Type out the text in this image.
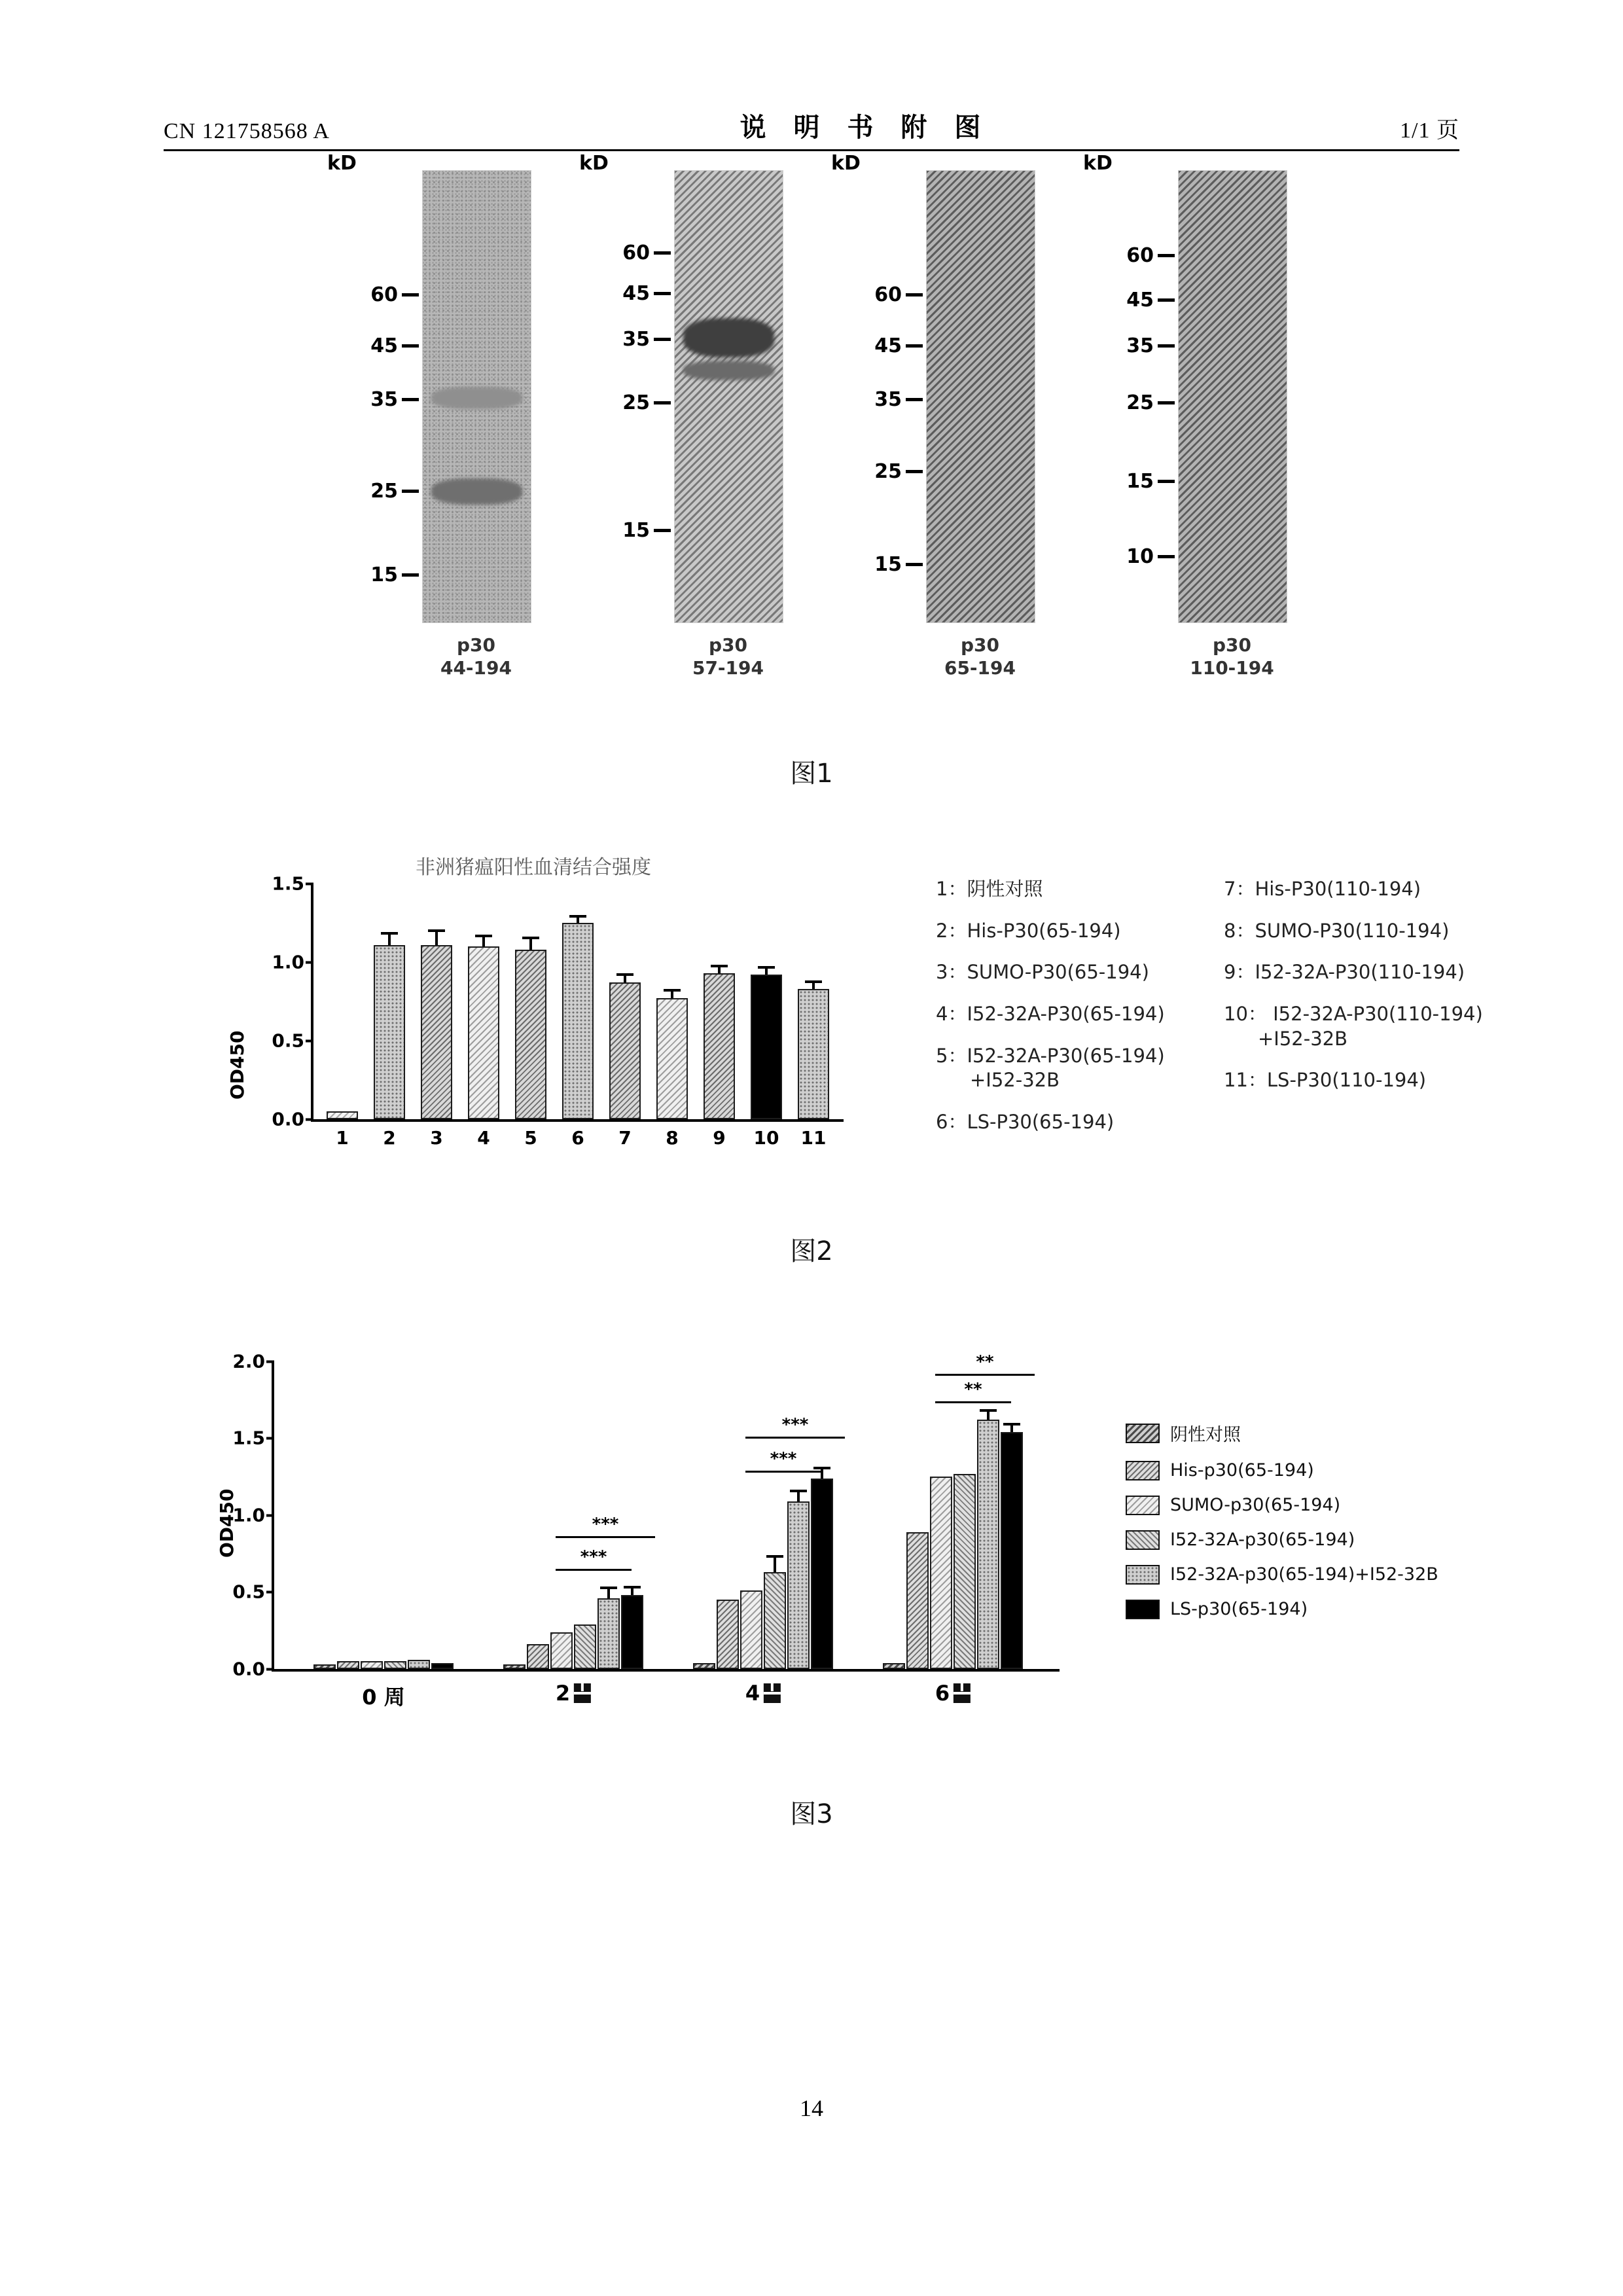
CN 121758568 A	说 明 书 附 图	1/1 页
kD
60
45
35
25
15
p30
44-194
kD
60
45
35
25
15
p30
57-194
kD
60
45
35
25
15
p30
65-194
kD
60
45
35
25
15
10
p30
110-194
图1
非洲猪瘟阳性血清结合强度
OD450
0.0
0.5
1.0
1.5
1 2 3 4 5 6 7 8 9 10 11
1：阴性对照
2：His-P30(65-194)
3：SUMO-P30(65-194)
4：I52-32A-P30(65-194)
5：I52-32A-P30(65-194)
+I52-32B
6：LS-P30(65-194)
7：His-P30(110-194)
8：SUMO-P30(110-194)
9：I52-32A-P30(110-194)
10： I52-32A-P30(110-194)
+I52-32B
11：LS-P30(110-194)
图2
OD450
0.0
0.5
1.0
1.5
2.0
0 周
***
***
2
***
***
4
**
**
6
阴性对照
His-p30(65-194)
SUMO-p30(65-194)
I52-32A-p30(65-194)
I52-32A-p30(65-194)+I52-32B
LS-p30(65-194)
图3
14
